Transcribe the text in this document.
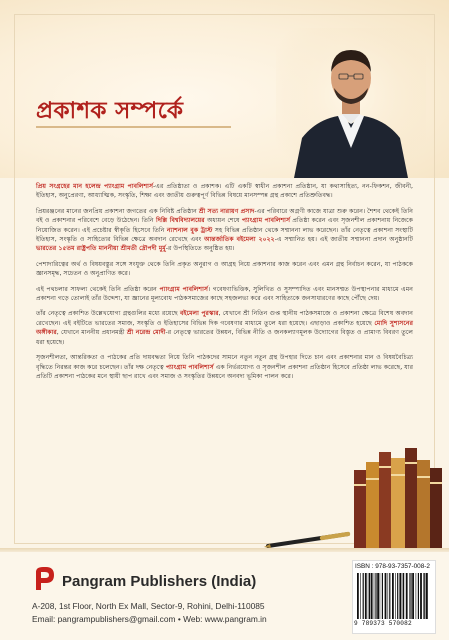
প্রকাশক সম্পর্কে

প্রিয় সংগ্রহের মান হলেন্দ্র প্যাংগ্রাম পাবলিশার্স-এর প্রতিষ্ঠাতা ও প্রকাশক। এটি একটি স্বাধীন প্রকাশনা প্রতিষ্ঠান, যা কথাসাহিত্য, নন-ফিকশন, জীবনী, ইতিহাস, অনুপ্রেরণা, আধ্যাত্মিক, সংস্কৃতি, শিক্ষা এবং জাতীয় গুরুত্বপূর্ণ বিভিন্ন বিষয়ে মানসম্পন্ন গ্রন্থ প্রকাশে প্রতিশ্রুতিবদ্ধ।

প্রিয়রঞ্জনের মানের জনপ্রিয় প্রকাশনা জগতের এক নিবিষ্ট প্রতিষ্ঠান শ্রী সত্য নারায়ণ প্রসাদ-এর পরিবারে অগ্রণী কাজে যাত্রা শুরু করেন। শৈশব থেকেই তিনি বই ও প্রকাশনার পরিবেশে বেড়ে উঠেছেন। তিনি দিল্লি বিশ্ববিদ্যালয়ের অধ্যয়ন শেষে প্যাংগ্রাম পাবলিশার্স প্রতিষ্ঠা করেন এবং সৃজনশীল প্রকাশনায় নিজেকে নিয়োজিত করেন। এই প্রচেষ্টার স্বীকৃতি হিসেবে তিনি ন্যাশনাল বুক ট্রাস্ট সহ বিভিন্ন প্রতিষ্ঠান থেকে সম্মাননা লাভ করেছেন। তাঁর নেতৃত্বে প্রকাশনা সংস্থাটি ইতিহাস, সংস্কৃতি ও সাহিত্যের বিভিন্ন ক্ষেত্রে অবদান রেখেছে এবং আন্তর্জাতিক বইমেলা ২০২২-এ সম্মানিত হয়। এই জাতীয় সম্মাননা প্রদান অনুষ্ঠানটি ভারতের ১৫তম রাষ্ট্রপতি মাননীয়া শ্রীমতী দ্রৌপদী মুর্মু-র উপস্থিতিতে অনুষ্ঠিত হয়।

পেশাদারিত্বের অর্থ ও বিষয়বস্তুর সঙ্গে সংযুক্ত থেকে তিনি প্রকৃত অনুরাগ ও আগ্রহ নিয়ে প্রকাশনার কাজ করেন এবং এমন গ্রন্থ নির্বাচন করেন, যা পাঠককে জ্ঞানসমৃদ্ধ, সচেতন ও অনুপ্রাণিত করে।

এই পথচলার সাফল্য থেকেই তিনি প্রতিষ্ঠা করেন প্যাংগ্রাম পাবলিশার্স। গবেষণাভিত্তিক, সুলিখিত ও সুসম্পাদিত এবং মানসম্মত উপস্থাপনার মাধ্যমে এমন প্রকাশনা গড়ে তোলাই তাঁর উদ্দেশ্য, যা জ্ঞানের মূল্যবোধ পাঠকসমাজের কাছে সহজলভ্য করে এবং সাহিত্যকে জনসাধারণের কাছে পৌঁছে দেয়।

তাঁর নেতৃত্বে প্রকাশিত উল্লেখযোগ্য গ্রন্থগুলির মধ্যে রয়েছে বইমেলা পুরস্কার, যেখানে শ্রী নিতিন গুপ্ত স্থানীয় পাঠকসমাজে ও প্রকাশনা ক্ষেত্রে বিশেষ অবদান রেখেছেন। এই বইটিতে ভারতের সমাজ, সংস্কৃতি ও ইতিহাসের বিভিন্ন দিক গবেষণার মাধ্যমে তুলে ধরা হয়েছে। এছাড়াও প্রকাশিত হয়েছে মোদি সুশাসনের অঙ্গীকার, যেখানে মাননীয় প্রধানমন্ত্রী শ্রী নরেন্দ্র মোদী-র নেতৃত্বে ভারতের উন্নয়ন, বিভিন্ন নীতি ও জনকল্যাণমূলক উদ্যোগের বিস্তৃত ও প্রামাণ্য বিবরণ তুলে ধরা হয়েছে।

সৃজনশীলতা, আন্তরিকতা ও পাঠকের প্রতি দায়বদ্ধতা নিয়ে তিনি পাঠকদের সামনে নতুন নতুন গ্রন্থ উপহার দিতে চান এবং প্রকাশনার মান ও বিষয়বৈচিত্র্য বৃদ্ধিতে নিরন্তর কাজ করে চলেছেন। তাঁর দক্ষ নেতৃত্বে প্যাংগ্রাম পাবলিশার্স এক নির্ভরযোগ্য ও সৃজনশীল প্রকাশনা প্রতিষ্ঠান হিসেবে প্রতিষ্ঠা লাভ করেছে, যার প্রতিটি প্রকাশনা পাঠকের মনে স্থায়ী ছাপ রাখে এবং সমাজ ও সংস্কৃতির উন্নয়নে অনবদ্য ভূমিকা পালন করে।

Pangram Publishers (India)
A-208, 1st Floor, North Ex Mall, Sector-9, Rohini, Delhi-110085
Email: pangrampublishers@gmail.com • Web: www.pangram.in
ISBN : 978-93-7357-008-2
9 789373 570082
